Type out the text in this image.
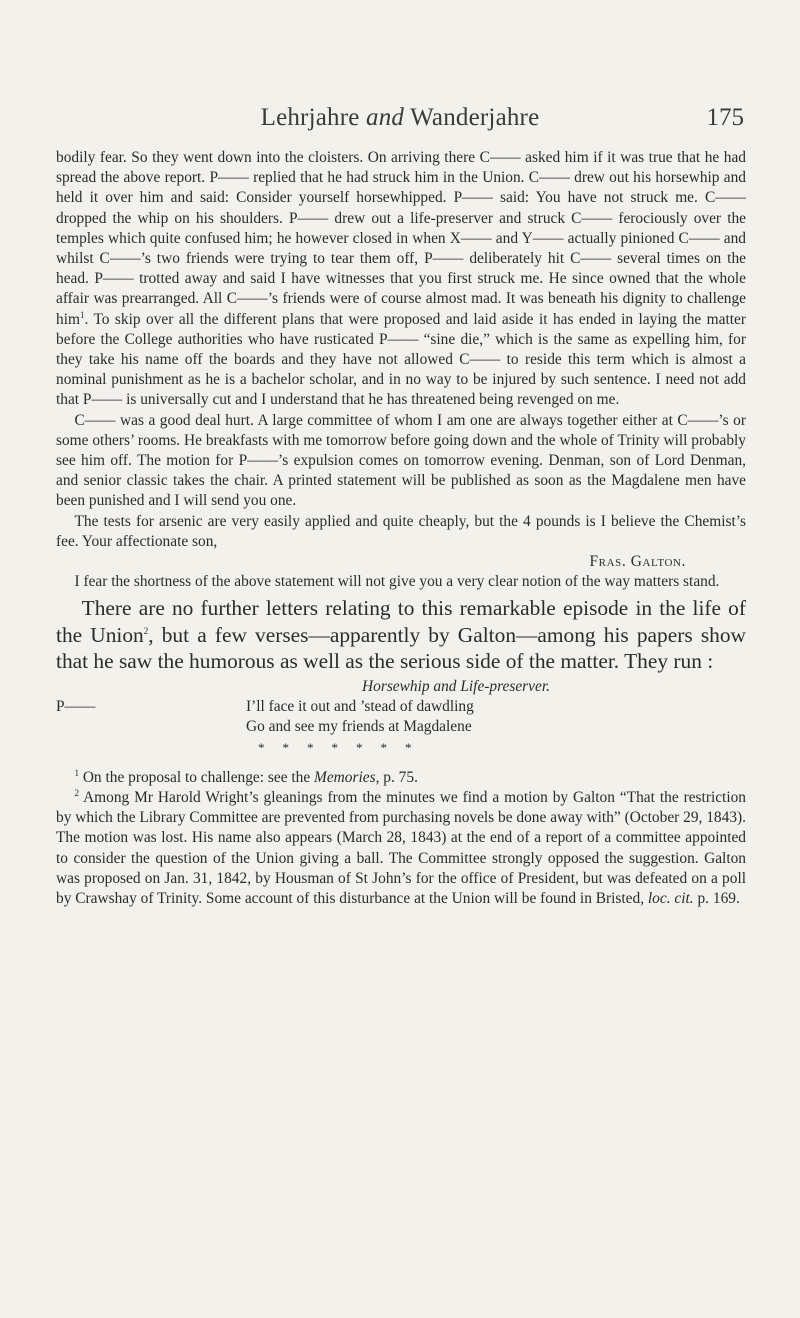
Lehrjahre and Wanderjahre	175

bodily fear. So they went down into the cloisters. On arriving there C—— asked him if it was true that he had spread the above report. P—— replied that he had struck him in the Union. C—— drew out his horsewhip and held it over him and said: Consider yourself horsewhipped. P—— said: You have not struck me. C—— dropped the whip on his shoulders. P—— drew out a life-preserver and struck C—— ferociously over the temples which quite confused him; he however closed in when X—— and Y—— actually pinioned C—— and whilst C——’s two friends were trying to tear them off, P—— deliberately hit C—— several times on the head. P—— trotted away and said I have witnesses that you first struck me. He since owned that the whole affair was prearranged. All C——’s friends were of course almost mad. It was beneath his dignity to challenge him$^1$. To skip over all the different plans that were proposed and laid aside it has ended in laying the matter before the College authorities who have rusticated P—— “sine die,” which is the same as expelling him, for they take his name off the boards and they have not allowed C—— to reside this term which is almost a nominal punishment as he is a bachelor scholar, and in no way to be injured by such sentence. I need not add that P—— is universally cut and I understand that he has threatened being revenged on me.

C—— was a good deal hurt. A large committee of whom I am one are always together either at C——’s or some others’ rooms. He breakfasts with me tomorrow before going down and the whole of Trinity will probably see him off. The motion for P——’s expulsion comes on tomorrow evening. Denman, son of Lord Denman, and senior classic takes the chair. A printed statement will be published as soon as the Magdalene men have been punished and I will send you one.

The tests for arsenic are very easily applied and quite cheaply, but the 4 pounds is I believe the Chemist’s fee. Your affectionate son,

Fras. Galton.

I fear the shortness of the above statement will not give you a very clear notion of the way matters stand.

There are no further letters relating to this remarkable episode in the life of the Union$^2$, but a few verses—apparently by Galton—among his papers show that he saw the humorous as well as the serious side of the matter. They run :

Horsewhip and Life-preserver.
P——	I’ll face it out and ’stead of dawdling
Go and see my friends at Magdalene
*******

$^1$ On the proposal to challenge: see the Memories, p. 75.

$^2$ Among Mr Harold Wright’s gleanings from the minutes we find a motion by Galton “That the restriction by which the Library Committee are prevented from purchasing novels be done away with” (October 29, 1843). The motion was lost. His name also appears (March 28, 1843) at the end of a report of a committee appointed to consider the question of the Union giving a ball. The Committee strongly opposed the suggestion. Galton was proposed on Jan. 31, 1842, by Housman of St John’s for the office of President, but was defeated on a poll by Crawshay of Trinity. Some account of this disturbance at the Union will be found in Bristed, loc. cit. p. 169.
